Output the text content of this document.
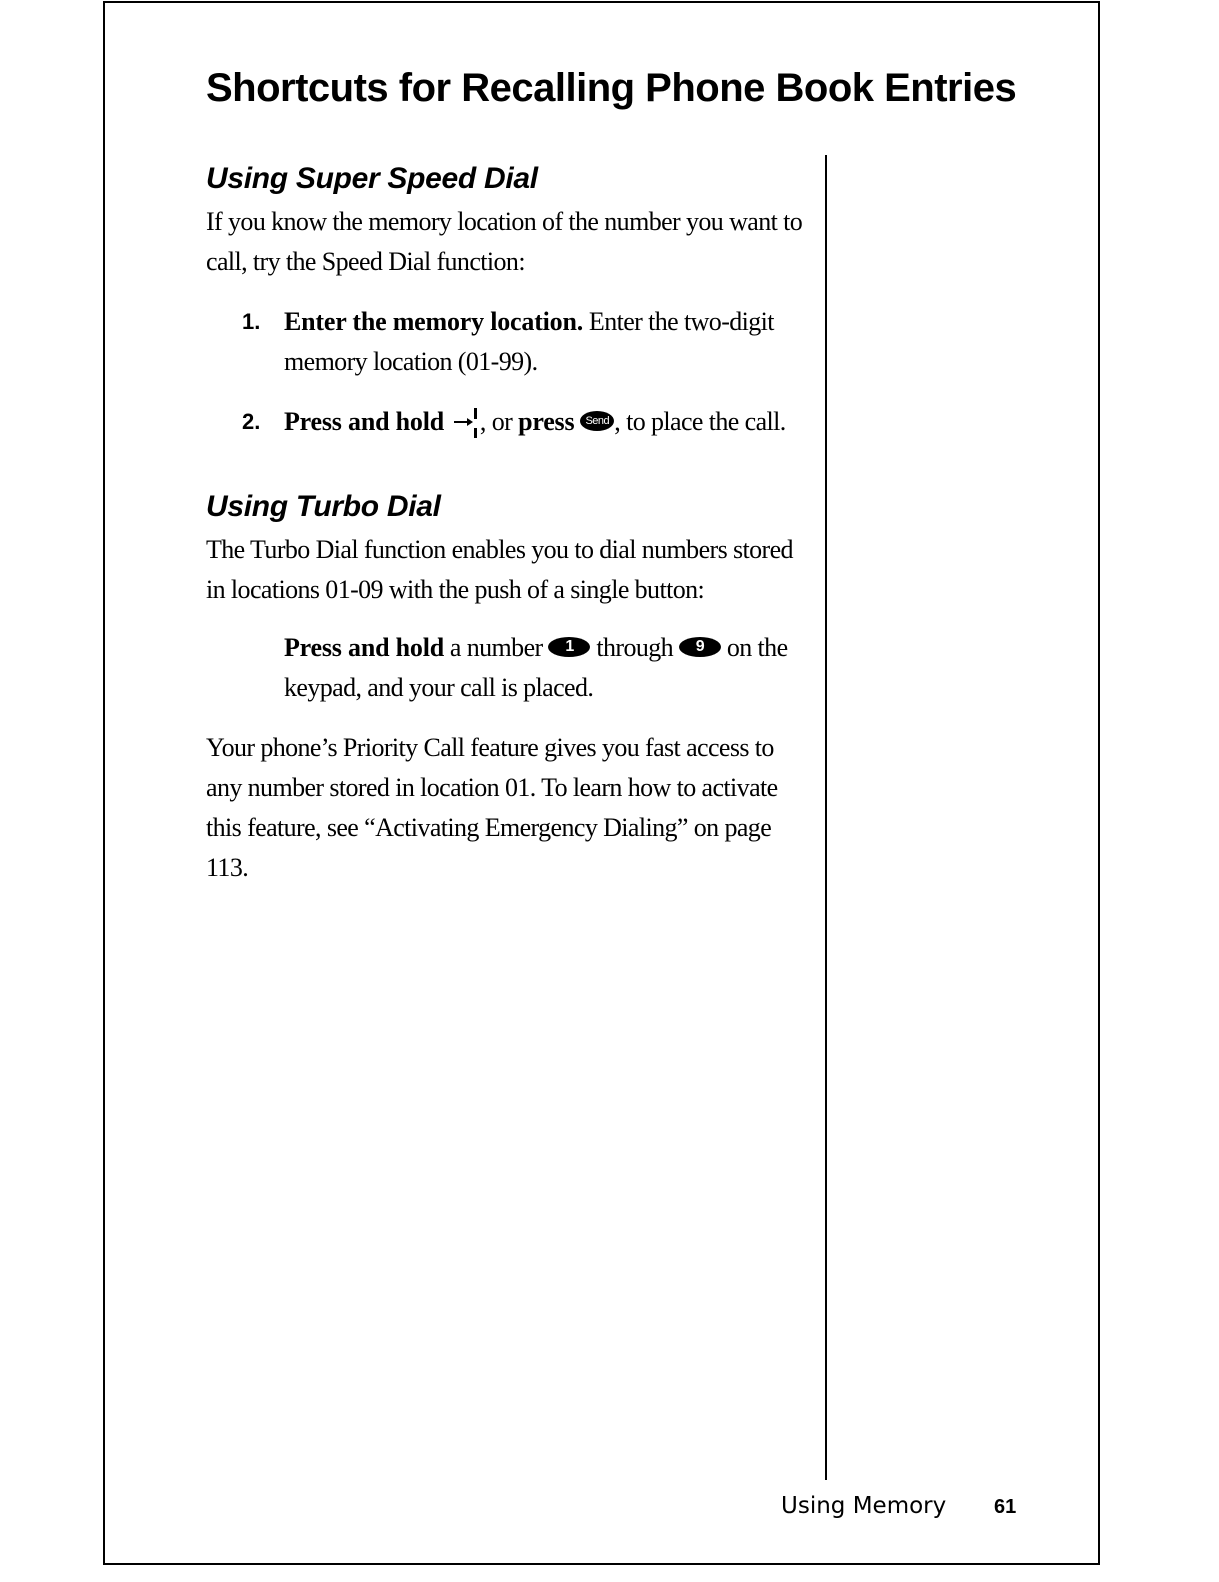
Shortcuts for Recalling Phone Book Entries
Using Super Speed Dial

If you know the memory location of the number you want to call, try the Speed Dial function:

1. Enter the memory location. Enter the two-digit memory location (01-99).

2. Press and hold , or press Send , to place the call.

Using Turbo Dial

The Turbo Dial function enables you to dial numbers stored in locations 01-09 with the push of a single button:

Press and hold a number 1 through 9 on the keypad, and your call is placed.

Your phone’s Priority Call feature gives you fast access to any number stored in location 01. To learn how to activate this feature, see “Activating Emergency Dialing” on page 113.

Using Memory 61
